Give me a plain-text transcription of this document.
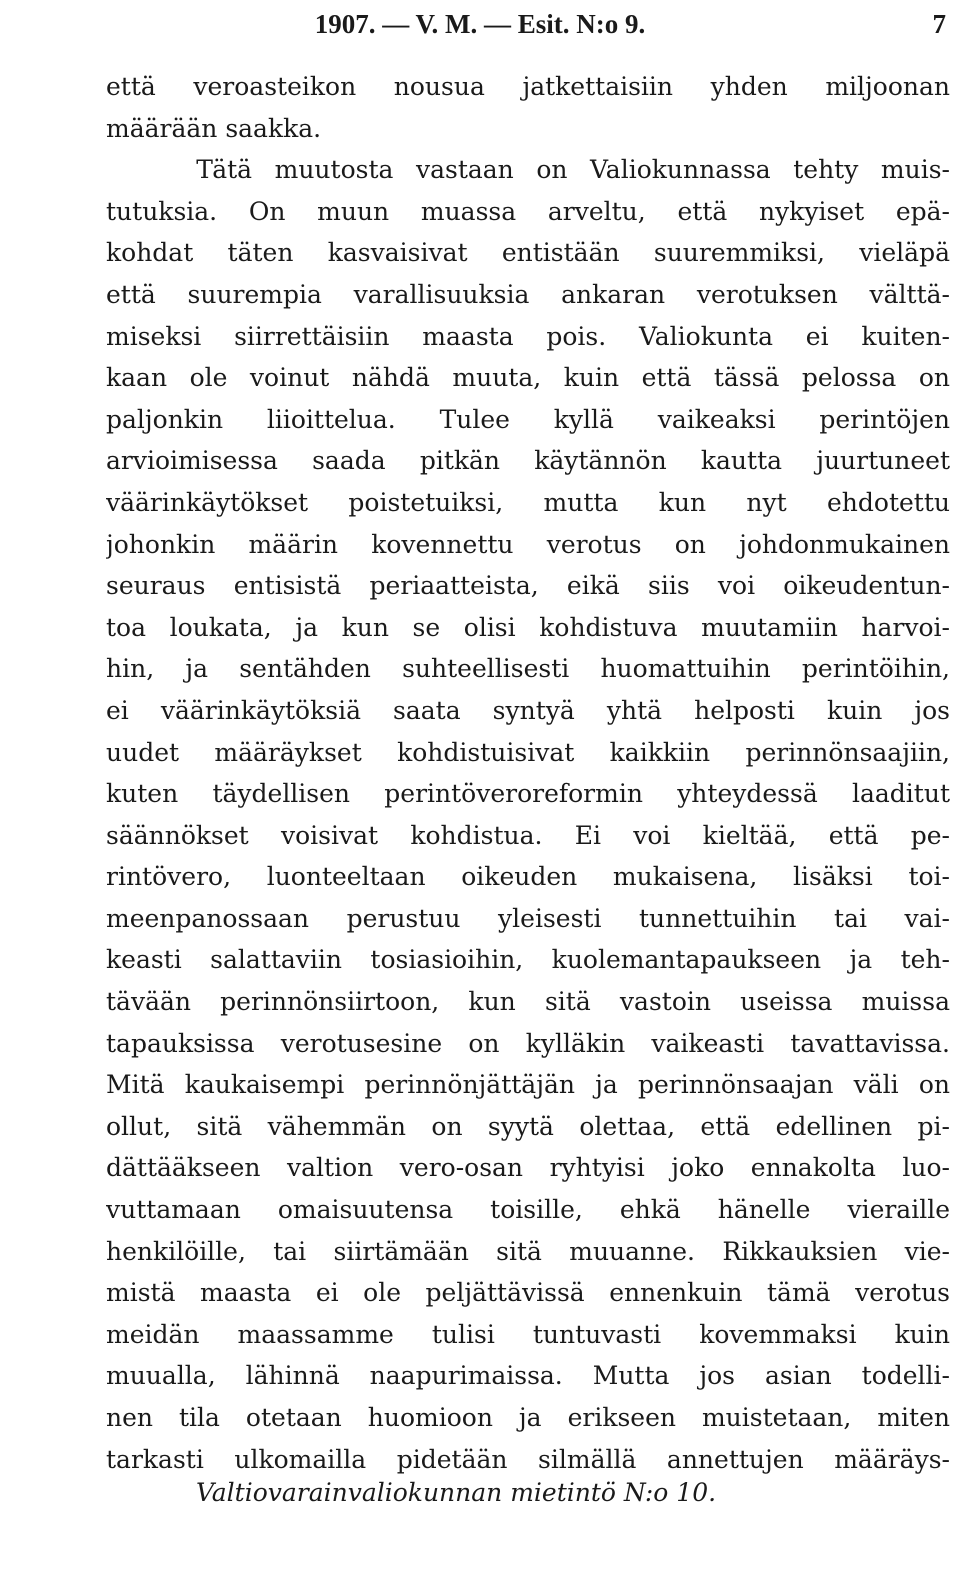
1907. — V. M. — Esit. N:o 9.	7
että veroasteikon nousua jatkettaisiin yhden miljoonan
määrään saakka.
Tätä muutosta vastaan on Valiokunnassa tehty muis-
tutuksia. On muun muassa arveltu, että nykyiset epä-
kohdat täten kasvaisivat entistään suuremmiksi, vieläpä
että suurempia varallisuuksia ankaran verotuksen välttä-
miseksi siirrettäisiin maasta pois. Valiokunta ei kuiten-
kaan ole voinut nähdä muuta, kuin että tässä pelossa on
paljonkin liioittelua. Tulee kyllä vaikeaksi perintöjen
arvioimisessa saada pitkän käytännön kautta juurtuneet
väärinkäytökset poistetuiksi, mutta kun nyt ehdotettu
johonkin määrin kovennettu verotus on johdonmukainen
seuraus entisistä periaatteista, eikä siis voi oikeudentun-
toa loukata, ja kun se olisi kohdistuva muutamiin harvoi-
hin, ja sentähden suhteellisesti huomattuihin perintöihin,
ei väärinkäytöksiä saata syntyä yhtä helposti kuin jos
uudet määräykset kohdistuisivat kaikkiin perinnönsaajiin,
kuten täydellisen perintöveroreformin yhteydessä laaditut
säännökset voisivat kohdistua. Ei voi kieltää, että pe-
rintövero, luonteeltaan oikeuden mukaisena, lisäksi toi-
meenpanossaan perustuu yleisesti tunnettuihin tai vai-
keasti salattaviin tosiasioihin, kuolemantapaukseen ja teh-
tävään perinnönsiirtoon, kun sitä vastoin useissa muissa
tapauksissa verotusesine on kylläkin vaikeasti tavattavissa.
Mitä kaukaisempi perinnönjättäjän ja perinnönsaajan väli on
ollut, sitä vähemmän on syytä olettaa, että edellinen pi-
dättääkseen valtion vero-osan ryhtyisi joko ennakolta luo-
vuttamaan omaisuutensa toisille, ehkä hänelle vieraille
henkilöille, tai siirtämään sitä muuanne. Rikkauksien vie-
mistä maasta ei ole peljättävissä ennenkuin tämä verotus
meidän maassamme tulisi tuntuvasti kovemmaksi kuin
muualla, lähinnä naapurimaissa. Mutta jos asian todelli-
nen tila otetaan huomioon ja erikseen muistetaan, miten
tarkasti ulkomailla pidetään silmällä annettujen määräys-
Valtiovarainvaliokunnan mietintö N:o 10.
